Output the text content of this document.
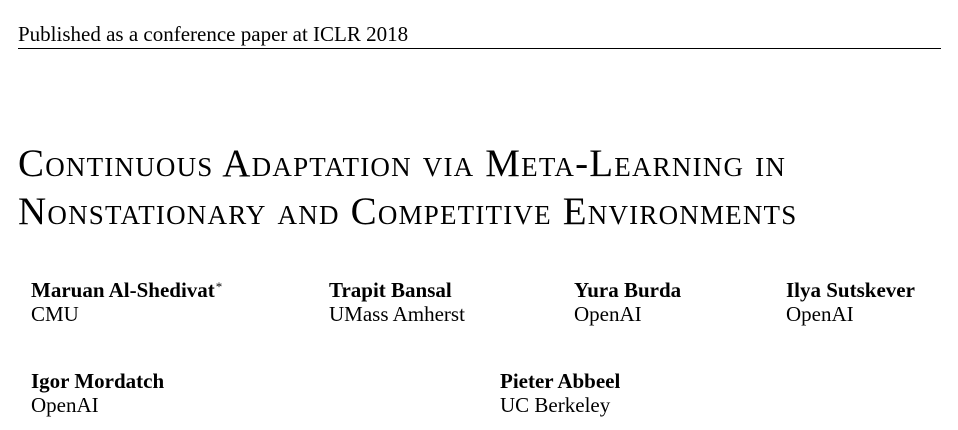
Published as a conference paper at ICLR 2018
Continuous Adaptation via Meta-Learning in
Nonstationary and Competitive Environments
Maruan Al-Shedivat*
CMU
Trapit Bansal
UMass Amherst
Yura Burda
OpenAI
Ilya Sutskever
OpenAI
Igor Mordatch
OpenAI
Pieter Abbeel
UC Berkeley
